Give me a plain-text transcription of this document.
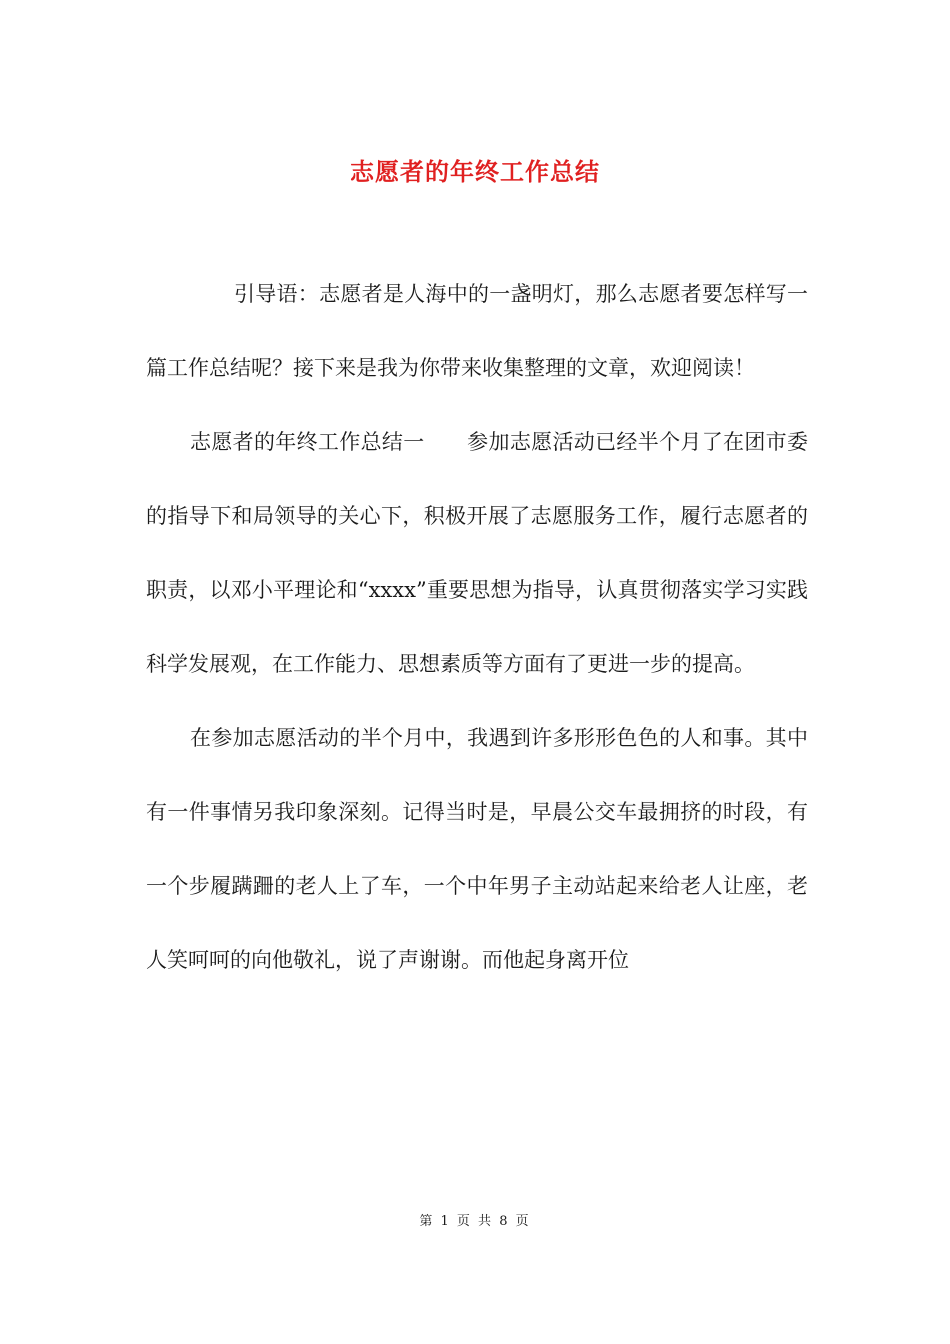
志愿者的年终工作总结

引导语：志愿者是人海中的一盏明灯，那么志愿者要怎样写一篇工作总结呢？接下来是我为你带来收集整理的文章，欢迎阅读！

志愿者的年终工作总结一　　参加志愿活动已经半个月了在团市委的指导下和局领导的关心下，积极开展了志愿服务工作，履行志愿者的职责，以邓小平理论和“xxxx”重要思想为指导，认真贯彻落实学习实践科学发展观，在工作能力、思想素质等方面有了更进一步的提高。

在参加志愿活动的半个月中，我遇到许多形形色色的人和事。其中有一件事情另我印象深刻。记得当时是，早晨公交车最拥挤的时段，有一个步履蹒跚的老人上了车，一个中年男子主动站起来给老人让座，老人笑呵呵的向他敬礼，说了声谢谢。而他起身离开位

第 1 页 共 8 页
